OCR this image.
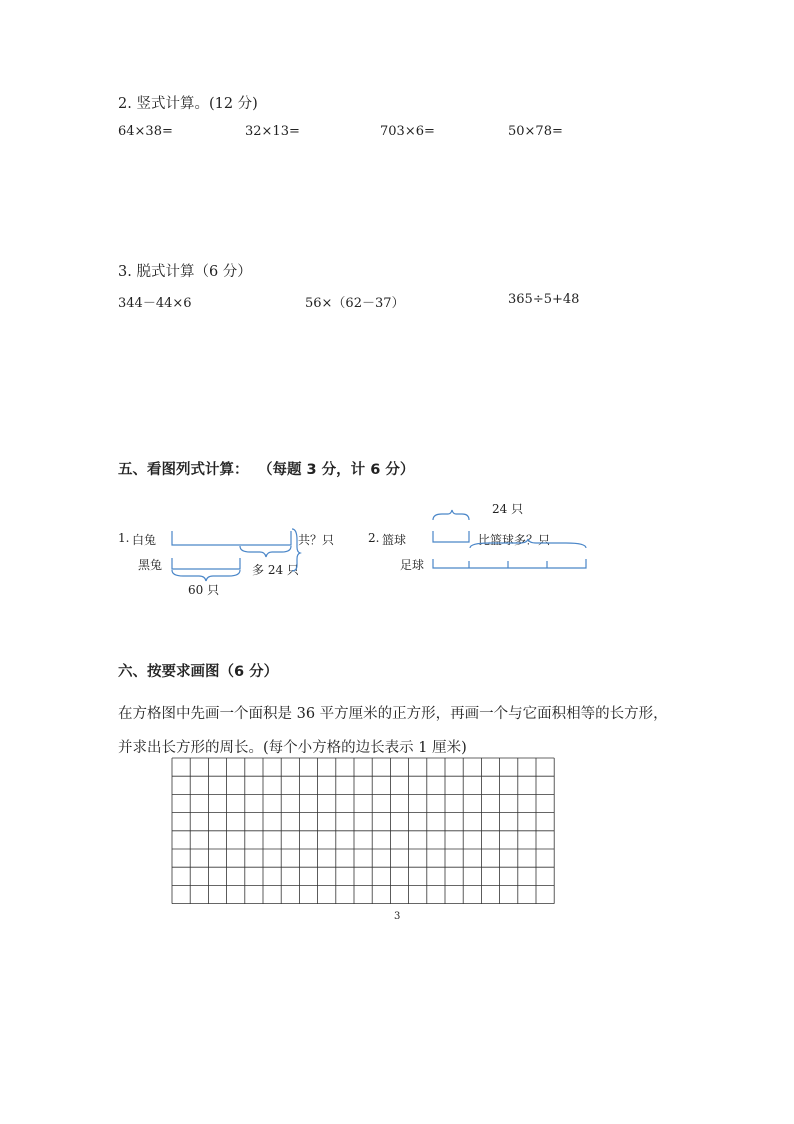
2. 竖式计算。(12 分)
64×38=	32×13=	703×6=	50×78=
3. 脱式计算（6 分）
344－44×6	56×（62－37）	365÷5+48
五、看图列式计算： （每题 3 分，计 6 分）
1. 白兔
黑兔
共？只
多 24 只
60 只
2. 篮球
足球
24 只
比篮球多？只
六、按要求画图（6 分）
在方格图中先画一个面积是 36 平方厘米的正方形，再画一个与它面积相等的长方形，
并求出长方形的周长。(每个小方格的边长表示 1 厘米)
3
